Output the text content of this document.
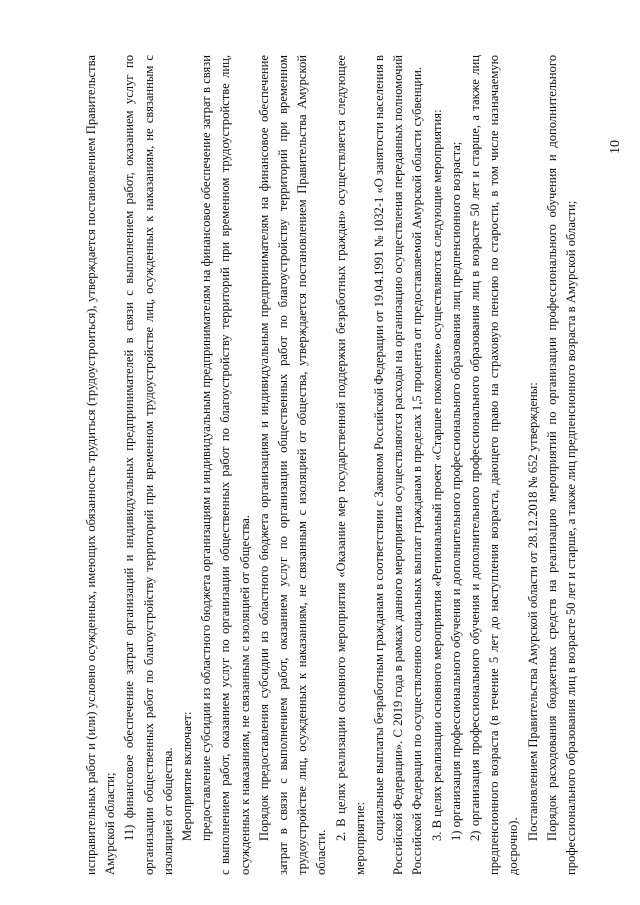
10

исправительных работ и (или) условно осужденных, имеющих обязанность трудиться (трудоустроиться), утверждается постановлением Правительства Амурской области; 11) финансовое обеспечение затрат организаций и индивидуальных предпринимателей в связи с выполнением работ, оказанием услуг по организации общественных работ по благоустройству территорий при временном трудоустройстве лиц, осужденных к наказаниям, не связанным с изоляцией от общества. Мероприятие включает: предоставление субсидии из областного бюджета организациям и индивидуальным предпринимателям на финансовое обеспечение затрат в связи с выполнением работ, оказанием услуг по организации общественных работ по благоустройству территорий при временном трудоустройстве лиц, осужденных к наказаниям, не связанным с изоляцией от общества. Порядок предоставления субсидии из областного бюджета организациям и индивидуальным предпринимателям на финансовое обеспечение затрат в связи с выполнением работ, оказанием услуг по организации общественных работ по благоустройству территорий при временном трудоустройстве лиц, осужденных к наказаниям, не связанным с изоляцией от общества, утверждается постановлением Правительства Амурской области.

2. В целях реализации основного мероприятия «Оказание мер государственной поддержки безработных граждан» осуществляется следующее мероприятие: социальные выплаты безработным гражданам в соответствии с Законом Российской Федерации от 19.04.1991 № 1032-1 «О занятости населения в Российской Федерации». С 2019 года в рамках данного мероприятия осуществляются расходы на организацию осуществления переданных полномочий Российской Федерации по осуществлению социальных выплат гражданам в пределах 1,5 процента от предоставляемой Амурской области субвенции. 3. В целях реализации основного мероприятия «Региональный проект «Старшее поколение» осуществляются следующие мероприятия: 1) организация профессионального обучения и дополнительного профессионального образования лиц предпенсионного возраста; 2) организация профессионального обучения и дополнительного профессионального образования лиц в возрасте 50 лет и старше, а также лиц предпенсионного возраста (в течение 5 лет до наступления возраста, дающего право на страховую пенсию по старости, в том числе назначаемую досрочно).

Постановлением Правительства Амурской области от 28.12.2018 № 652 утверждены: Порядок расходования бюджетных средств на реализацию мероприятий по организации профессионального обучения и дополнительного профессионального образования лиц в возрасте 50 лет и старше, а также лиц предпенсионного возраста в Амурской области;
